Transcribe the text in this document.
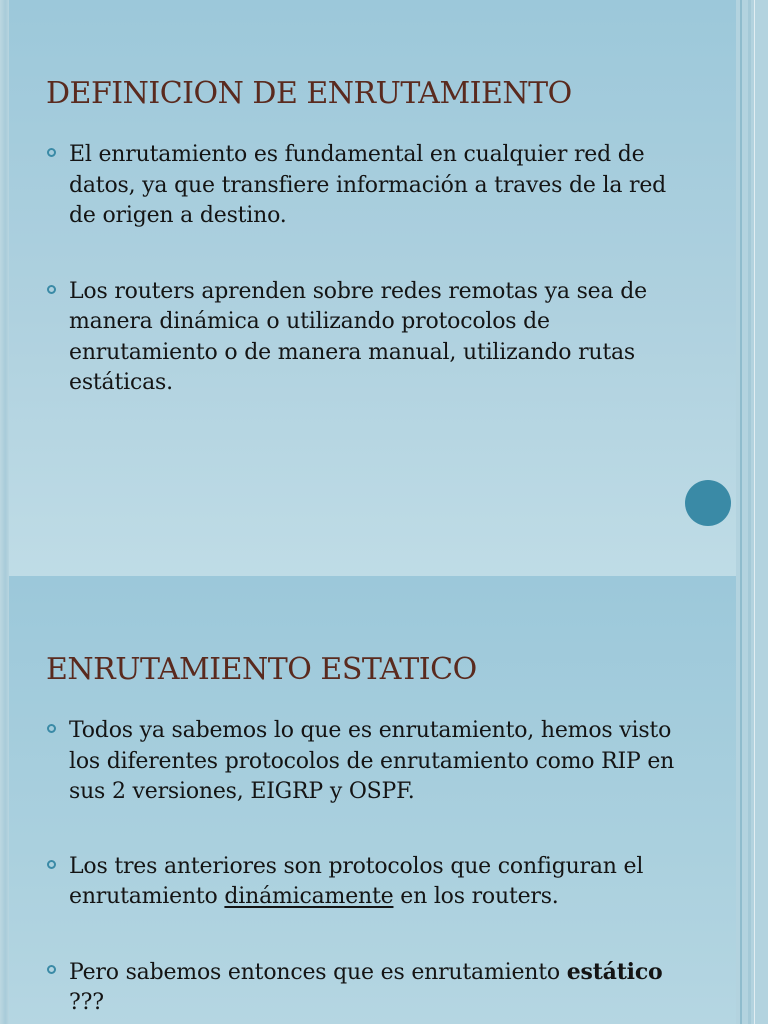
DEFINICION DE ENRUTAMIENTO
El enrutamiento es fundamental en cualquier red de datos, ya que transfiere información a traves de la red de origen a destino.
Los routers aprenden sobre redes remotas ya sea de manera dinámica o utilizando protocolos de enrutamiento o de manera manual, utilizando rutas estáticas.
ENRUTAMIENTO ESTATICO
Todos ya sabemos lo que es enrutamiento, hemos visto los diferentes protocolos de enrutamiento como RIP en sus 2 versiones, EIGRP y OSPF.
Los tres anteriores son protocolos que configuran el enrutamiento dinámicamente en los routers.
Pero sabemos entonces que es enrutamiento estático ???
